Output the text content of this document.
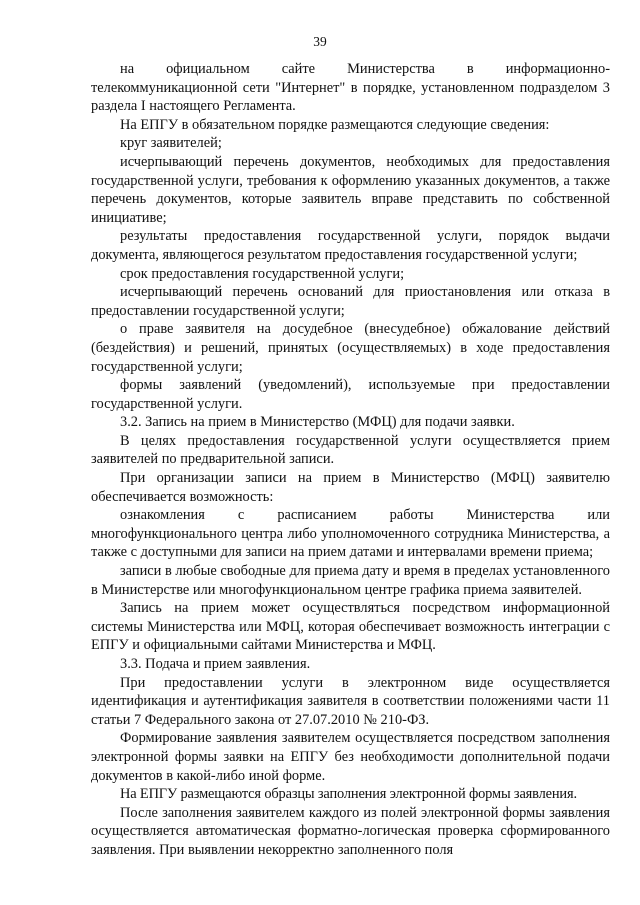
39

на официальном сайте Министерства в информационно-телекоммуникационной сети "Интернет" в порядке, установленном подразделом 3 раздела I настоящего Регламента.

На ЕПГУ в обязательном порядке размещаются следующие сведения:

круг заявителей;

исчерпывающий перечень документов, необходимых для предоставления государственной услуги, требования к оформлению указанных документов, а также перечень документов, которые заявитель вправе представить по собственной инициативе;

результаты предоставления государственной услуги, порядок выдачи документа, являющегося результатом предоставления государственной услуги;

срок предоставления государственной услуги;

исчерпывающий перечень оснований для приостановления или отказа в предоставлении государственной услуги;

о праве заявителя на досудебное (внесудебное) обжалование действий (бездействия) и решений, принятых (осуществляемых) в ходе предоставления государственной услуги;

формы заявлений (уведомлений), используемые при предоставлении государственной услуги.

3.2. Запись на прием в Министерство (МФЦ) для подачи заявки.

В целях предоставления государственной услуги осуществляется прием заявителей по предварительной записи.

При организации записи на прием в Министерство (МФЦ) заявителю обеспечивается возможность:

ознакомления с расписанием работы Министерства или многофункционального центра либо уполномоченного сотрудника Министерства, а также с доступными для записи на прием датами и интервалами времени приема;

записи в любые свободные для приема дату и время в пределах установленного в Министерстве или многофункциональном центре графика приема заявителей.

Запись на прием может осуществляться посредством информационной системы Министерства или МФЦ, которая обеспечивает возможность интеграции с ЕПГУ и официальными сайтами Министерства и МФЦ.

3.3. Подача и прием заявления.

При предоставлении услуги в электронном виде осуществляется идентификация и аутентификация заявителя в соответствии положениями части 11 статьи 7 Федерального закона от 27.07.2010 № 210-ФЗ.

Формирование заявления заявителем осуществляется посредством заполнения электронной формы заявки на ЕПГУ без необходимости дополнительной подачи документов в какой-либо иной форме.

На ЕПГУ размещаются образцы заполнения электронной формы заявления.

После заполнения заявителем каждого из полей электронной формы заявления осуществляется автоматическая форматно-логическая проверка сформированного заявления. При выявлении некорректно заполненного поля
